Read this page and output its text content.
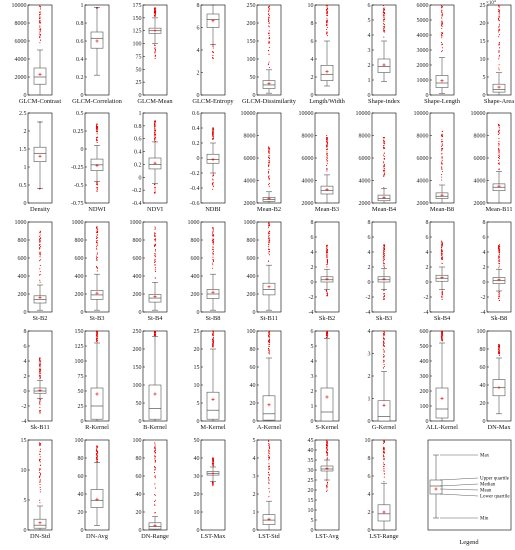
0
2000
4000
6000
8000
10000
GLCM-Contrast
0
0.2
0.4
0.6
0.8
1
GLCM-Correlation
0
25
50
75
100
125
150
175
GLCM-Mean
0
2
4
6
8
GLCM-Entropy
0
50
100
150
200
250
GLCM-Dissimilarity
0
2
4
6
8
10
Length/Width
0
1
2
3
4
5
6
Shape-index
0
1000
2000
3000
4000
5000
6000
Shape-Length
0
5
10
15
20
$25 \times 10^4$
Shape-Area
0
0.5
1
1.5
2
2.5
Density
-0.75
-0.5
-0.25
0
0.25
0.5
NDWI
-0.4
-0.2
0
0.2
0.4
0.6
0.8
1
NDVI
-0.6
-0.4
-0.2
0
0.2
0.4
0.6
NDBI
2000
4000
6000
8000
10000
Mean-B2
2000
4000
6000
8000
10000
Mean-B3
2000
4000
6000
8000
10000
Mean-B4
2000
4000
6000
8000
10000
Mean-B8
2000
4000
6000
8000
10000
Mean-B11
0
200
400
600
800
1000
St-B2
0
200
400
600
800
1000
St-B3
0
200
400
600
800
1000
St-B4
0
200
400
600
800
1000
St-B8
0
200
400
600
800
1000
St-B11
-4
-2
0
2
4
6
8
Sk-B2
-4
-2
0
2
4
6
8
Sk-B3
-4
-2
0
2
4
6
8
Sk-B4
-4
-2
0
2
4
6
8
Sk-B8
-4
-2
0
2
4
6
8
Sk-B11
0
25
50
75
100
125
150
R-Kernel
0
50
100
150
200
250
B-Kernel
0
5
10
15
20
25
M-Kernel
0
20
40
60
80
100
A-Kernel
0
1
2
3
4
5
6
S-Kernel
0
1
2
3
4
G-Kernel
0
100
200
300
400
500
600
ALL-Kernel
0
20
40
60
80
100
DN-Max
0
5
10
15
DN-Std
0
20
40
60
80
100
DN-Avg
0
20
40
60
80
100
DN-Range
0
10
20
30
40
50
LST-Max
0
1
2
3
4
5
LST-Std
0
5
10
15
20
25
30
35
40
45
LST-Avg
0
2
4
6
8
10
LST-Range
Max
Upper quartile
Median
Mean
Lower quartile
Min
Legend
